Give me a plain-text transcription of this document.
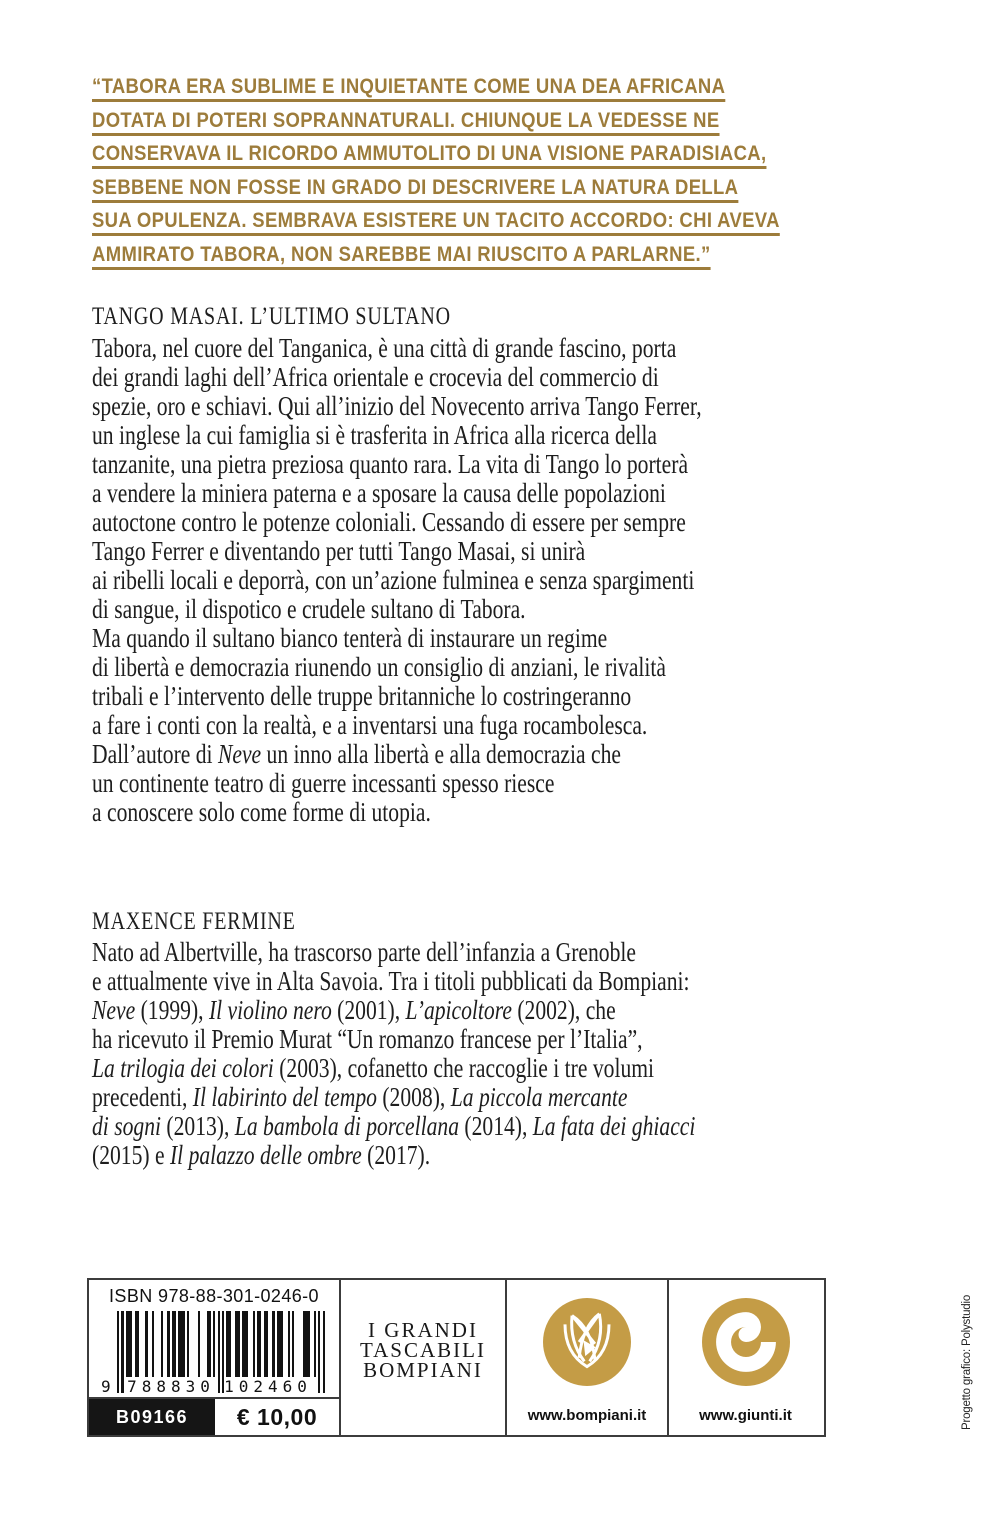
“TABORA ERA SUBLIME E INQUIETANTE COME UNA DEA AFRICANA
DOTATA DI POTERI SOPRANNATURALI. CHIUNQUE LA VEDESSE NE
CONSERVAVA IL RICORDO AMMUTOLITO DI UNA VISIONE PARADISIACA,
SEBBENE NON FOSSE IN GRADO DI DESCRIVERE LA NATURA DELLA
SUA OPULENZA. SEMBRAVA ESISTERE UN TACITO ACCORDO: CHI AVEVA
AMMIRATO TABORA, NON SAREBBE MAI RIUSCITO A PARLARNE.”
TANGO MASAI. L’ULTIMO SULTANO
Tabora, nel cuore del Tanganica, è una città di grande fascino, porta
dei grandi laghi dell’Africa orientale e crocevia del commercio di
spezie, oro e schiavi. Qui all’inizio del Novecento arriva Tango Ferrer,
un inglese la cui famiglia si è trasferita in Africa alla ricerca della
tanzanite, una pietra preziosa quanto rara. La vita di Tango lo porterà
a vendere la miniera paterna e a sposare la causa delle popolazioni
autoctone contro le potenze coloniali. Cessando di essere per sempre
Tango Ferrer e diventando per tutti Tango Masai, si unirà
ai ribelli locali e deporrà, con un’azione fulminea e senza spargimenti
di sangue, il dispotico e crudele sultano di Tabora.
Ma quando il sultano bianco tenterà di instaurare un regime
di libertà e democrazia riunendo un consiglio di anziani, le rivalità
tribali e l’intervento delle truppe britanniche lo costringeranno
a fare i conti con la realtà, e a inventarsi una fuga rocambolesca.
Dall’autore di Neve un inno alla libertà e alla democrazia che
un continente teatro di guerre incessanti spesso riesce
a conoscere solo come forme di utopia.
MAXENCE FERMINE
Nato ad Albertville, ha trascorso parte dell’infanzia a Grenoble
e attualmente vive in Alta Savoia. Tra i titoli pubblicati da Bompiani:
Neve (1999), Il violino nero (2001), L’apicoltore (2002), che
ha ricevuto il Premio Murat “Un romanzo francese per l’Italia”,
La trilogia dei colori (2003), cofanetto che raccoglie i tre volumi
precedenti, Il labirinto del tempo (2008), La piccola mercante
di sogni (2013), La bambola di porcellana (2014), La fata dei ghiacci
(2015) e Il palazzo delle ombre (2017).
ISBN 978-88-301-0246-0
9 788830 102460
B09166	€ 10,00
I GRANDI
TASCABILI
BOMPIANI
www.bompiani.it	www.giunti.it	Progetto grafico: Polystudio
